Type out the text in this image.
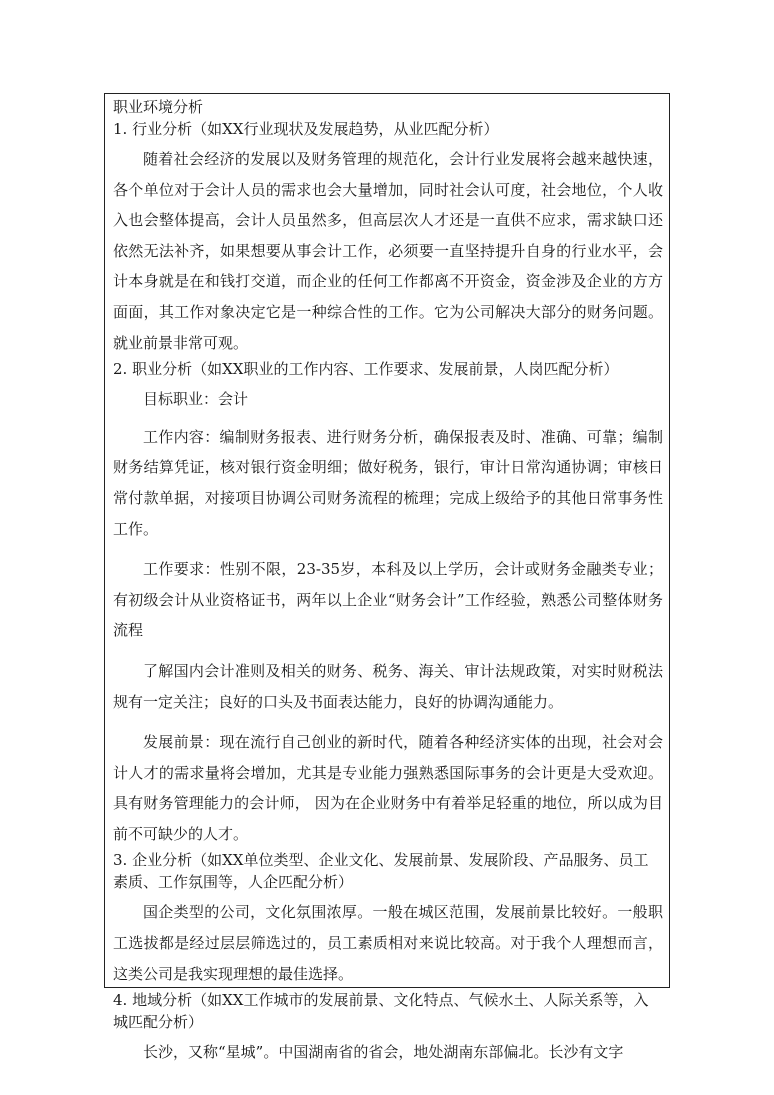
职业环境分析
1. 行业分析（如XX行业现状及发展趋势，从业匹配分析）
随着社会经济的发展以及财务管理的规范化，会计行业发展将会越来越快速，各个单位对于会计人员的需求也会大量增加，同时社会认可度，社会地位，个人收入也会整体提高，会计人员虽然多，但高层次人才还是一直供不应求，需求缺口还依然无法补齐，如果想要从事会计工作，必须要一直坚持提升自身的行业水平，会计本身就是在和钱打交道，而企业的任何工作都离不开资金，资金涉及企业的方方面面，其工作对象决定它是一种综合性的工作。它为公司解决大部分的财务问题。就业前景非常可观。
2. 职业分析（如XX职业的工作内容、工作要求、发展前景，人岗匹配分析）
目标职业：会计
工作内容：编制财务报表、进行财务分析，确保报表及时、准确、可靠；编制财务结算凭证，核对银行资金明细；做好税务，银行，审计日常沟通协调；审核日常付款单据，对接项目协调公司财务流程的梳理；完成上级给予的其他日常事务性工作。
工作要求：性别不限，23-35岁，本科及以上学历，会计或财务金融类专业；有初级会计从业资格证书，两年以上企业“财务会计”工作经验，熟悉公司整体财务流程
了解国内会计准则及相关的财务、税务、海关、审计法规政策，对实时财税法规有一定关注；良好的口头及书面表达能力，良好的协调沟通能力。
发展前景：现在流行自己创业的新时代，随着各种经济实体的出现，社会对会计人才的需求量将会增加，尤其是专业能力强熟悉国际事务的会计更是大受欢迎。具有财务管理能力的会计师， 因为在企业财务中有着举足轻重的地位，所以成为目前不可缺少的人才。
3. 企业分析（如XX单位类型、企业文化、发展前景、发展阶段、产品服务、员工素质、工作氛围等，人企匹配分析）
国企类型的公司，文化氛围浓厚。一般在城区范围，发展前景比较好。一般职工选拔都是经过层层筛选过的，员工素质相对来说比较高。对于我个人理想而言，这类公司是我实现理想的最佳选择。
4. 地域分析（如XX工作城市的发展前景、文化特点、气候水土、人际关系等，入城匹配分析）
长沙，又称“星城”。中国湖南省的省会，地处湖南东部偏北。长沙有文字
